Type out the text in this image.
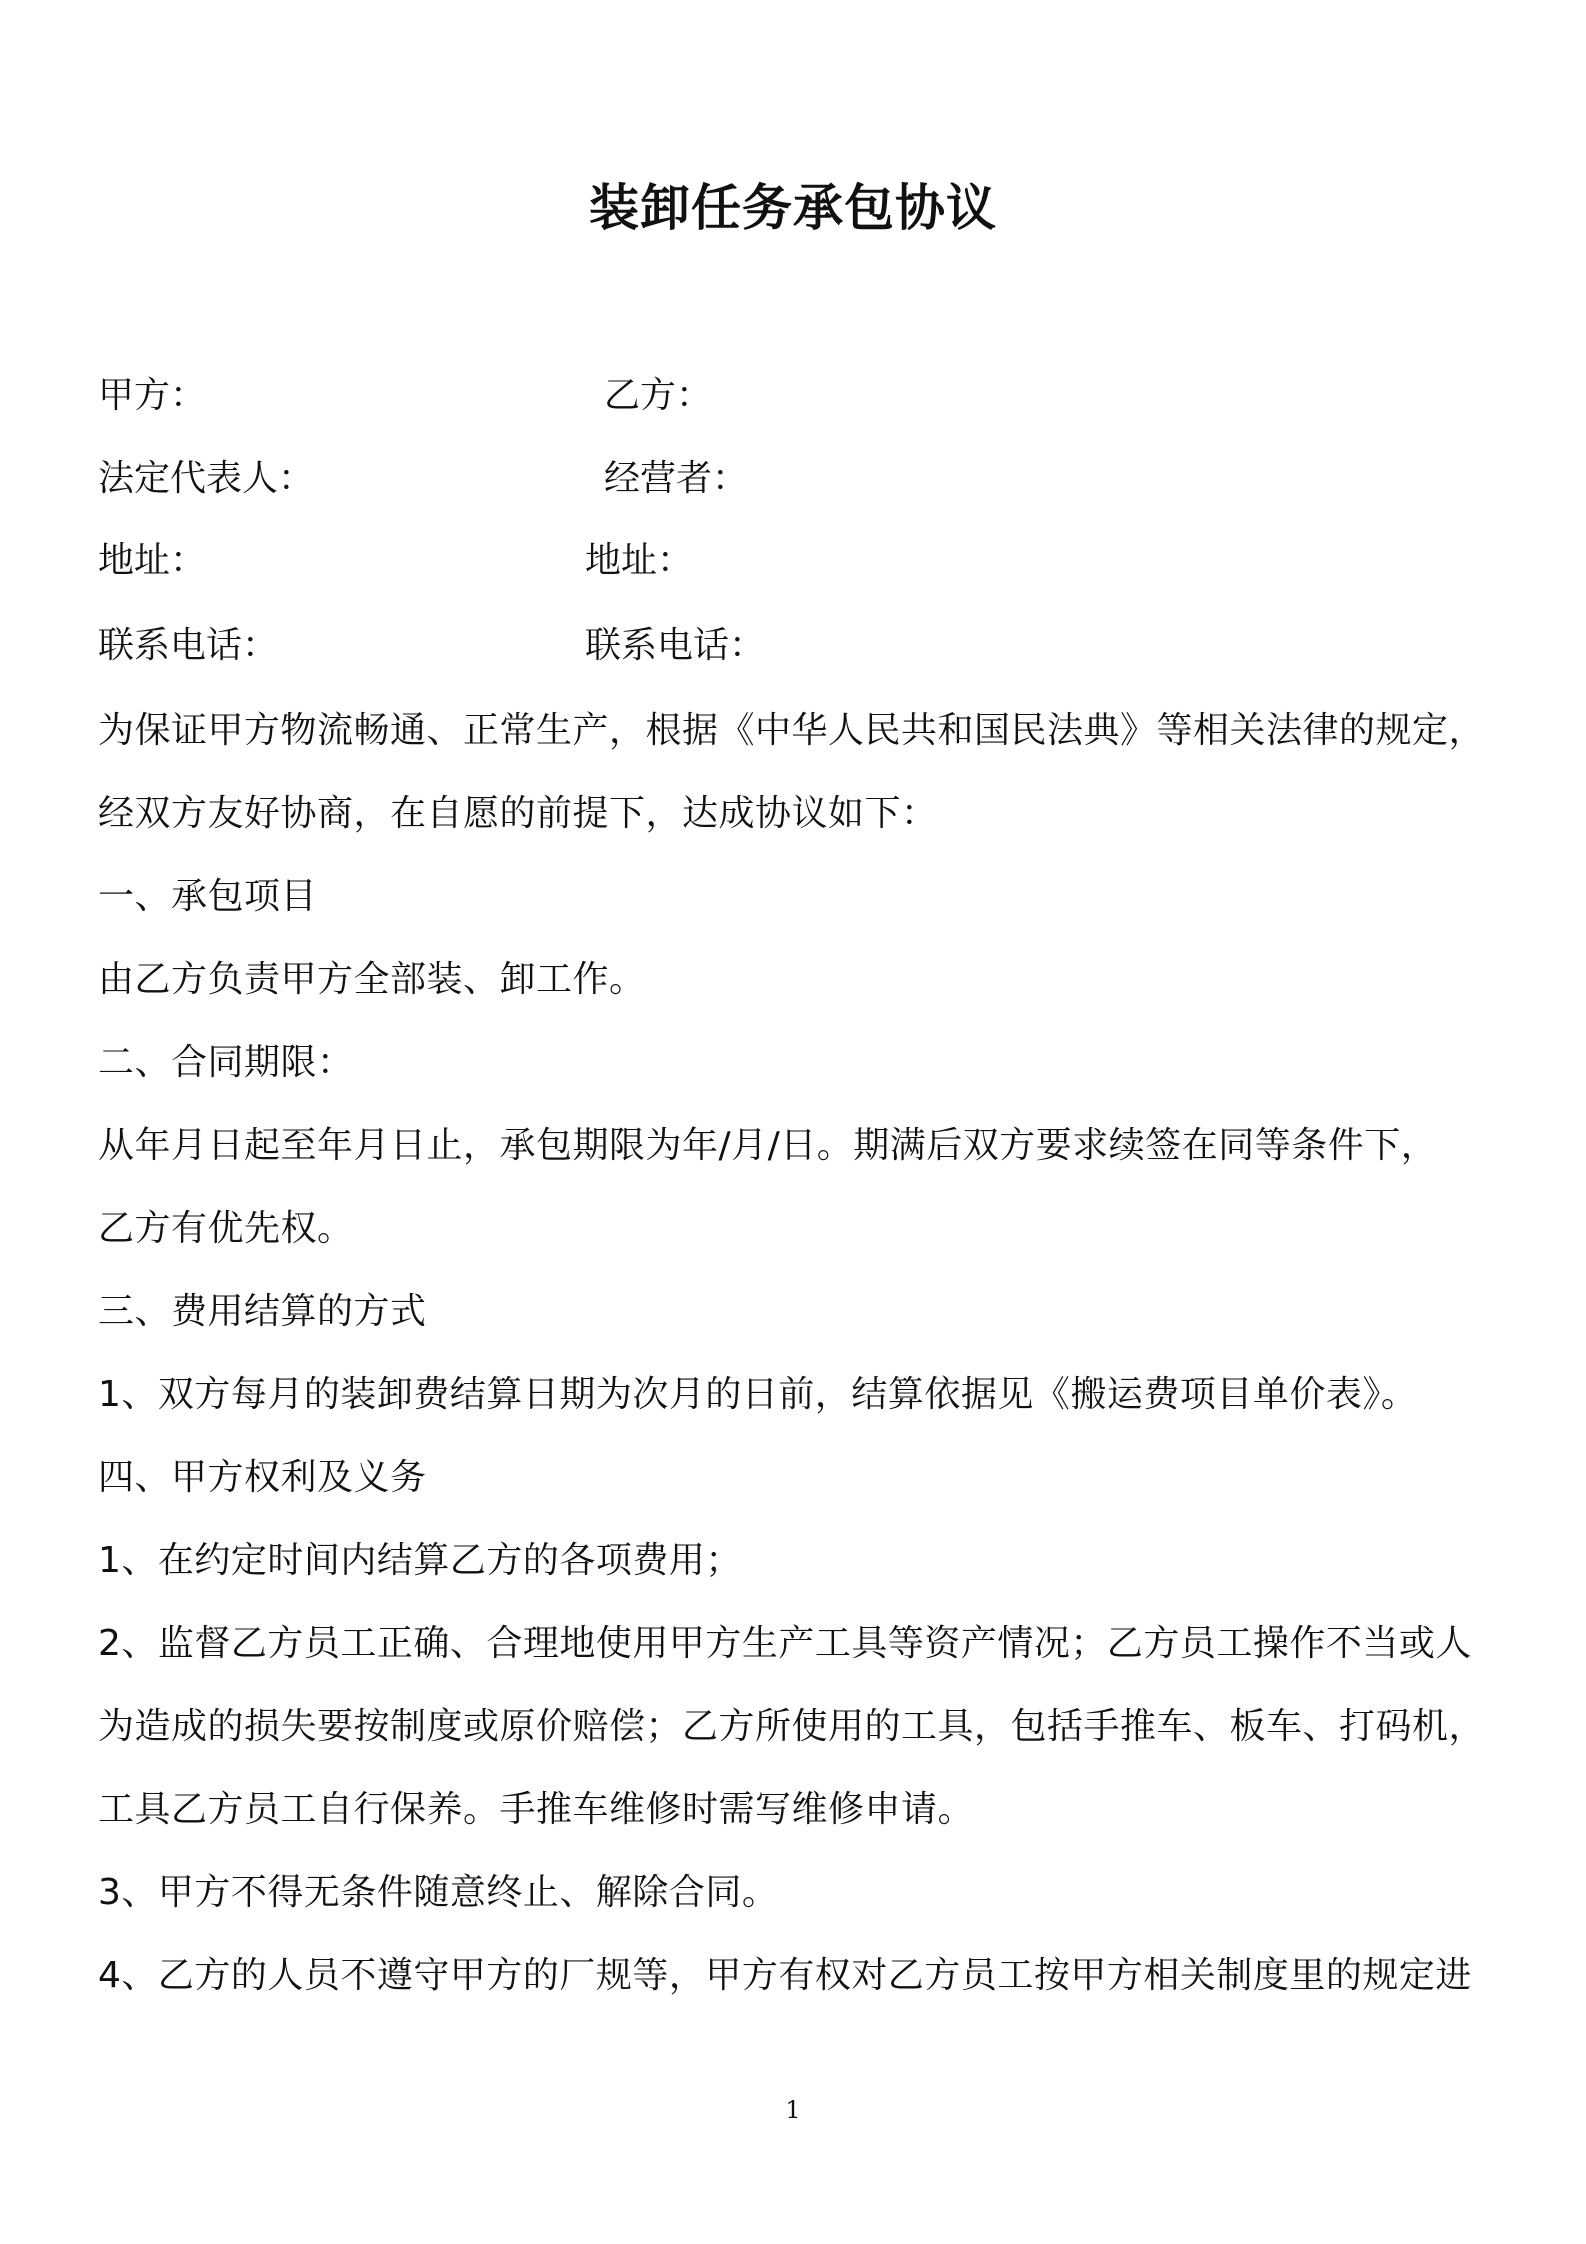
装卸任务承包协议
甲方：	乙方：
法定代表人：	经营者：
地址：	地址：
联系电话：	联系电话：
为保证甲方物流畅通、正常生产，根据《中华人民共和国民法典》等相关法律的规定，
经双方友好协商，在自愿的前提下，达成协议如下：
一、承包项目
由乙方负责甲方全部装、卸工作。
二、合同期限：
从年月日起至年月日止，承包期限为年/月/日。期满后双方要求续签在同等条件下，
乙方有优先权。
三、费用结算的方式
1、双方每月的装卸费结算日期为次月的日前，结算依据见《搬运费项目单价表》。
四、甲方权利及义务
1、在约定时间内结算乙方的各项费用；
2、监督乙方员工正确、合理地使用甲方生产工具等资产情况；乙方员工操作不当或人
为造成的损失要按制度或原价赔偿；乙方所使用的工具，包括手推车、板车、打码机，
工具乙方员工自行保养。手推车维修时需写维修申请。
3、甲方不得无条件随意终止、解除合同。
4、乙方的人员不遵守甲方的厂规等，甲方有权对乙方员工按甲方相关制度里的规定进
1
